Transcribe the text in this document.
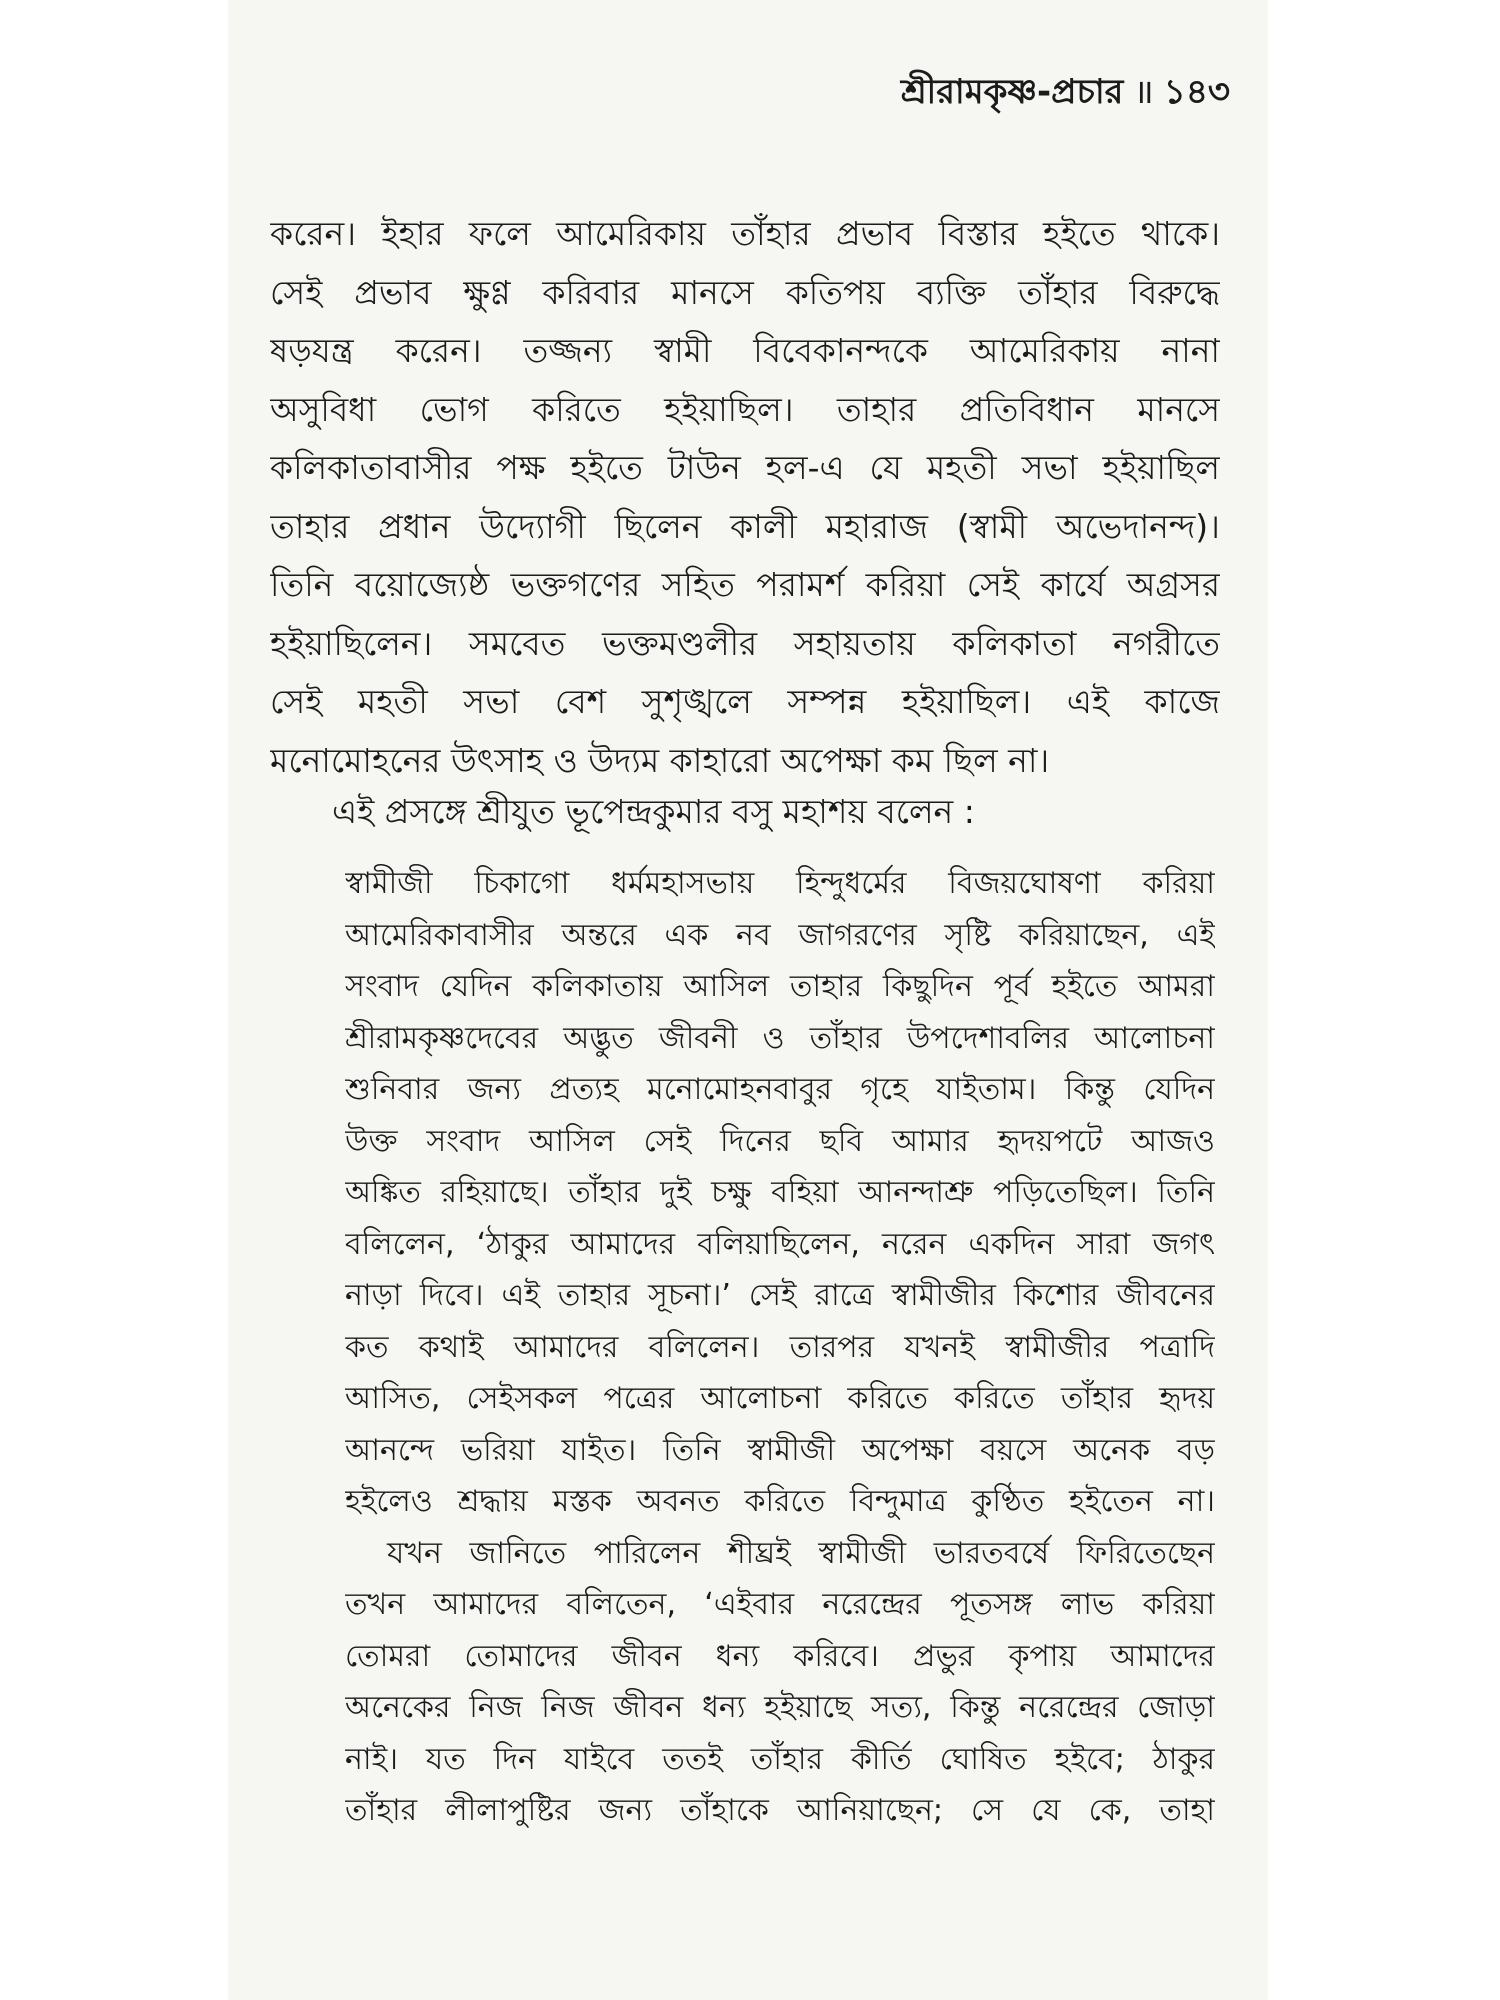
শ্রীরামকৃষ্ণ-প্রচার ॥ ১৪৩
করেন। ইহার ফলে আমেরিকায় তাঁহার প্রভাব বিস্তার হইতে থাকে।
সেই প্রভাব ক্ষুণ্ণ করিবার মানসে কতিপয় ব্যক্তি তাঁহার বিরুদ্ধে
ষড়যন্ত্র করেন। তজ্জন্য স্বামী বিবেকানন্দকে আমেরিকায় নানা
অসুবিধা ভোগ করিতে হইয়াছিল। তাহার প্রতিবিধান মানসে
কলিকাতাবাসীর পক্ষ হইতে টাউন হল-এ যে মহতী সভা হইয়াছিল
তাহার প্রধান উদ্যোগী ছিলেন কালী মহারাজ (স্বামী অভেদানন্দ)।
তিনি বয়োজ্যেষ্ঠ ভক্তগণের সহিত পরামর্শ করিয়া সেই কার্যে অগ্রসর
হইয়াছিলেন। সমবেত ভক্তমণ্ডলীর সহায়তায় কলিকাতা নগরীতে
সেই মহতী সভা বেশ সুশৃঙ্খলে সম্পন্ন হইয়াছিল। এই কাজে
মনোমোহনের উৎসাহ ও উদ্যম কাহারো অপেক্ষা কম ছিল না।
এই প্রসঙ্গে শ্রীযুত ভূপেন্দ্রকুমার বসু মহাশয় বলেন :
স্বামীজী চিকাগো ধর্মমহাসভায় হিন্দুধর্মের বিজয়ঘোষণা করিয়া
আমেরিকাবাসীর অন্তরে এক নব জাগরণের সৃষ্টি করিয়াছেন, এই
সংবাদ যেদিন কলিকাতায় আসিল তাহার কিছুদিন পূর্ব হইতে আমরা
শ্রীরামকৃষ্ণদেবের অদ্ভুত জীবনী ও তাঁহার উপদেশাবলির আলোচনা
শুনিবার জন্য প্রত্যহ মনোমোহনবাবুর গৃহে যাইতাম। কিন্তু যেদিন
উক্ত সংবাদ আসিল সেই দিনের ছবি আমার হৃদয়পটে আজও
অঙ্কিত রহিয়াছে। তাঁহার দুই চক্ষু বহিয়া আনন্দাশ্রু পড়িতেছিল। তিনি
বলিলেন, ‘ঠাকুর আমাদের বলিয়াছিলেন, নরেন একদিন সারা জগৎ
নাড়া দিবে। এই তাহার সূচনা।’ সেই রাত্রে স্বামীজীর কিশোর জীবনের
কত কথাই আমাদের বলিলেন। তারপর যখনই স্বামীজীর পত্রাদি
আসিত, সেইসকল পত্রের আলোচনা করিতে করিতে তাঁহার হৃদয়
আনন্দে ভরিয়া যাইত। তিনি স্বামীজী অপেক্ষা বয়সে অনেক বড়
হইলেও শ্রদ্ধায় মস্তক অবনত করিতে বিন্দুমাত্র কুণ্ঠিত হইতেন না।
যখন জানিতে পারিলেন শীঘ্রই স্বামীজী ভারতবর্ষে ফিরিতেছেন
তখন আমাদের বলিতেন, ‘এইবার নরেন্দ্রের পূতসঙ্গ লাভ করিয়া
তোমরা তোমাদের জীবন ধন্য করিবে। প্রভুর কৃপায় আমাদের
অনেকের নিজ নিজ জীবন ধন্য হইয়াছে সত্য, কিন্তু নরেন্দ্রের জোড়া
নাই। যত দিন যাইবে ততই তাঁহার কীর্তি ঘোষিত হইবে; ঠাকুর
তাঁহার লীলাপুষ্টির জন্য তাঁহাকে আনিয়াছেন; সে যে কে, তাহা
